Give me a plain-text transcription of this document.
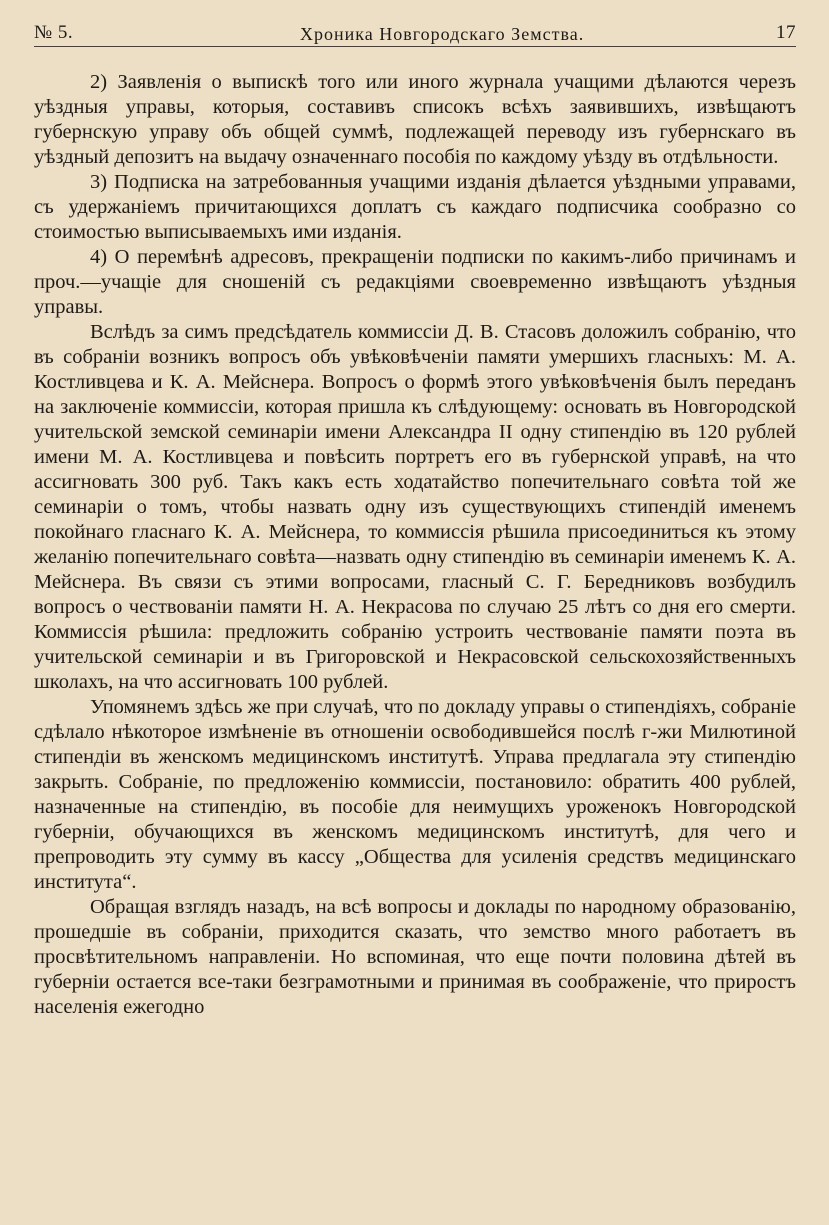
№ 5.	Хроника Новгородскаго Земства.	17

2) Заявленія о выпискѣ того или иного журнала учащими дѣлаются черезъ уѣздныя управы, которыя, составивъ списокъ всѣхъ заявившихъ, извѣщаютъ губернскую управу объ общей суммѣ, подлежащей переводу изъ губернскаго въ уѣздный депозитъ на выдачу означеннаго пособія по каждому уѣзду въ отдѣльности.

3) Подписка на затребованныя учащими изданія дѣлается уѣздными управами, съ удержаніемъ причитающихся доплатъ съ каждаго подписчика сообразно со стоимостью выписываемыхъ ими изданія.

4) О перемѣнѣ адресовъ, прекращеніи подписки по какимъ-либо причинамъ и проч.—учащіе для сношеній съ редакціями своевременно извѣщаютъ уѣздныя управы.

Вслѣдъ за симъ предсѣдатель коммиссіи Д. В. Стасовъ доложилъ собранію, что въ собраніи возникъ вопросъ объ увѣковѣченіи памяти умершихъ гласныхъ: М. А. Костливцева и К. А. Мейснера. Вопросъ о формѣ этого увѣковѣченія былъ переданъ на заключеніе коммиссіи, которая пришла къ слѣдующему: основать въ Новгородской учительской земской семинаріи имени Александра II одну стипендію въ 120 рублей имени М. А. Костливцева и повѣсить портретъ его въ губернской управѣ, на что ассигновать 300 руб. Такъ какъ есть ходатайство попечительнаго совѣта той же семинаріи о томъ, чтобы назвать одну изъ существующихъ стипендій именемъ покойнаго гласнаго К. А. Мейснера, то коммиссія рѣшила присоединиться къ этому желанію попечительнаго совѣта—назвать одну стипендію въ семинаріи именемъ К. А. Мейснера. Въ связи съ этими вопросами, гласный С. Г. Бередниковъ возбудилъ вопросъ о чествованіи памяти Н. А. Некрасова по случаю 25 лѣтъ со дня его смерти. Коммиссія рѣшила: предложить собранію устроить чествованіе памяти поэта въ учительской семинаріи и въ Григоровской и Некрасовской сельскохозяйственныхъ школахъ, на что ассигновать 100 рублей.

Упомянемъ здѣсь же при случаѣ, что по докладу управы о стипендіяхъ, собраніе сдѣлало нѣкоторое измѣненіе въ отношеніи освободившейся послѣ г-жи Милютиной стипендіи въ женскомъ медицинскомъ институтѣ. Управа предлагала эту стипендію закрыть. Собраніе, по предложенію коммиссіи, постановило: обратить 400 рублей, назначенные на стипендію, въ пособіе для неимущихъ уроженокъ Новгородской губерніи, обучающихся въ женскомъ медицинскомъ институтѣ, для чего и препроводить эту сумму въ кассу „Общества для усиленія средствъ медицинскаго института“.

Обращая взглядъ назадъ, на всѣ вопросы и доклады по народному образованію, прошедшіе въ собраніи, приходится сказать, что земство много работаетъ въ просвѣтительномъ направленіи. Но вспоминая, что еще почти половина дѣтей въ губерніи остается все-таки безграмотными и принимая въ соображеніе, что приростъ населенія ежегодно
